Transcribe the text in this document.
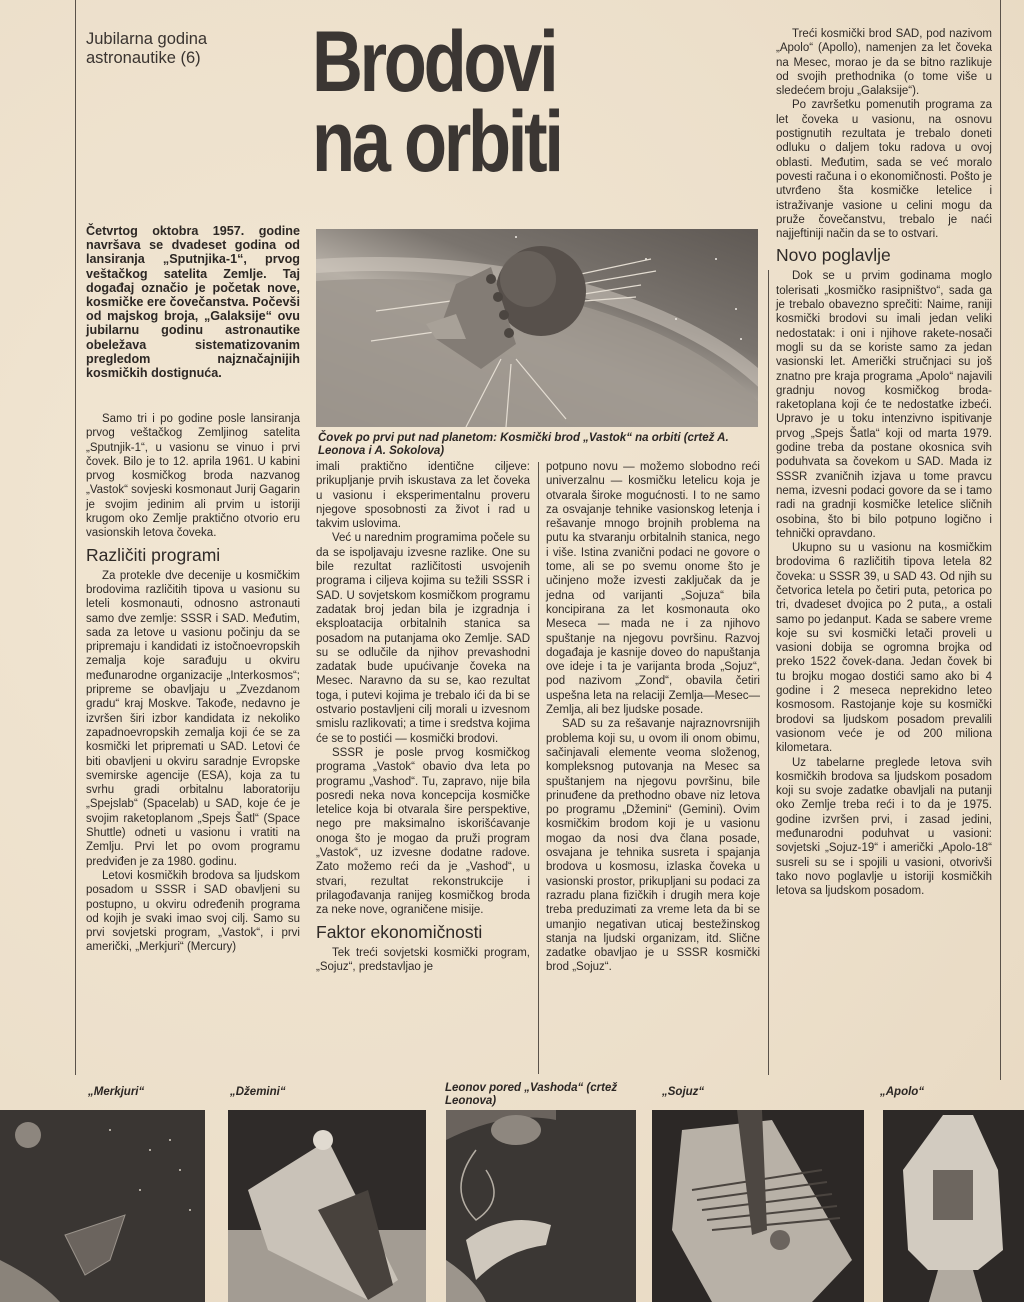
Jubilarna godina
astronautike (6) Brodovi
na orbiti
Četvrtog oktobra 1957. godine navršava se dvadeset godina od lansiranja „Sputnjika-1“, prvog veštačkog satelita Zemlje. Taj događaj označio je početak nove, kosmičke ere čovečanstva. Počevši od majskog broja, „Galaksije“ ovu jubilarnu godinu astronautike obeležava sistematizovanim pregledom najznačajnijih kosmičkih dostignuća.
Čovek po prvi put nad planetom: Kosmički brod „Vastok“ na orbiti (crtež A. Leonova i A. Sokolova)

Samo tri i po godine posle lansiranja prvog veštačkog Zemljinog satelita „Sputnjik-1“, u vasionu se vinuo i prvi čovek. Bilo je to 12. aprila 1961. U kabini prvog kosmičkog broda nazvanog „Vastok“ sovjeski kosmonaut Jurij Gagarin je svojim jedinim ali prvim u istoriji krugom oko Zemlje praktično otvorio eru vasionskih letova čoveka.

Različiti programi

Za protekle dve decenije u kosmičkim brodovima različitih tipova u vasionu su leteli kosmonauti, odnosno astronauti samo dve zemlje: SSSR i SAD. Međutim, sada za letove u vasionu počinju da se pripremaju i kandidati iz istočnoevropskih zemalja koje sarađuju u okviru međunarodne organizacije „Interkosmos“; pripreme se obavljaju u „Zvezdanom gradu“ kraj Moskve. Takođe, nedavno je izvršen širi izbor kandidata iz nekoliko zapadnoevropskih zemalja koji će se za kosmički let pripremati u SAD. Letovi će biti obavljeni u okviru saradnje Evropske svemirske agencije (ESA), koja za tu svrhu gradi orbitalnu laboratoriju „Spejslab“ (Spacelab) u SAD, koje će je svojim raketoplanom „Spejs Šatl“ (Space Shuttle) odneti u vasionu i vratiti na Zemlju. Prvi let po ovom programu predviđen je za 1980. godinu.

Letovi kosmičkih brodova sa ljudskom posadom u SSSR i SAD obavljeni su postupno, u okviru određenih programa od kojih je svaki imao svoj cilj. Samo su prvi sovjetski program, „Vastok“, i prvi američki, „Merkjuri“ (Mercury)

imali praktično identične ciljeve: prikupljanje prvih iskustava za let čoveka u vasionu i eksperimentalnu proveru njegove sposobnosti za život i rad u takvim uslovima.

Već u narednim programima počele su da se ispoljavaju izvesne razlike. One su bile rezultat različitosti usvojenih programa i ciljeva kojima su težili SSSR i SAD. U sovjetskom kosmičkom programu zadatak broj jedan bila je izgradnja i eksploatacija orbitalnih stanica sa posadom na putanjama oko Zemlje. SAD su se odlučile da njihov prevashodni zadatak bude upućivanje čoveka na Mesec. Naravno da su se, kao rezultat toga, i putevi kojima je trebalo ići da bi se ostvario postavljeni cilj morali u izvesnom smislu razlikovati; a time i sredstva kojima će se to postići — kosmički brodovi.

SSSR je posle prvog kosmičkog programa „Vastok“ obavio dva leta po programu „Vashod“. Tu, zapravo, nije bila posredi neka nova koncepcija kosmičke letelice koja bi otvarala šire perspektive, nego pre maksimalno iskorišćavanje onoga što je mogao da pruži program „Vastok“, uz izvesne dodatne radove. Zato možemo reći da je „Vashod“, u stvari, rezultat rekonstrukcije i prilagođavanja ranijeg kosmičkog broda za neke nove, ograničene misije.

Faktor ekonomičnosti

Tek treći sovjetski kosmički program, „Sojuz“, predstavljao je

potpuno novu — možemo slobodno reći univerzalnu — kosmičku letelicu koja je otvarala široke mogućnosti. I to ne samo za osvajanje tehnike vasionskog letenja i rešavanje mnogo brojnih problema na putu ka stvaranju orbitalnih stanica, nego i više. Istina zvanični podaci ne govore o tome, ali se po svemu onome što je učinjeno može izvesti zaključak da je jedna od varijanti „Sojuza“ bila koncipirana za let kosmonauta oko Meseca — mada ne i za njihovo spuštanje na njegovu površinu. Razvoj događaja je kasnije doveo do napuštanja ove ideje i ta je varijanta broda „Sojuz“, pod nazivom „Zond“, obavila četiri uspešna leta na relaciji Zemlja—Mesec—Zemlja, ali bez ljudske posade.

SAD su za rešavanje najraznovrsnijih problema koji su, u ovom ili onom obimu, sačinjavali elemente veoma složenog, kompleksnog putovanja na Mesec sa spuštanjem na njegovu površinu, bile prinuđene da prethodno obave niz letova po programu „Džemini“ (Gemini). Ovim kosmičkim brodom koji je u vasionu mogao da nosi dva člana posade, osvajana je tehnika susreta i spajanja brodova u kosmosu, izlaska čoveka u vasionski prostor, prikupljani su podaci za razradu plana fizičkih i drugih mera koje treba preduzimati za vreme leta da bi se umanjio negativan uticaj bestežinskog stanja na ljudski organizam, itd. Slične zadatke obavljao je u SSSR kosmički brod „Sojuz“.

Treći kosmički brod SAD, pod nazivom „Apolo“ (Apollo), namenjen za let čoveka na Mesec, morao je da se bitno razlikuje od svojih prethodnika (o tome više u sledećem broju „Galaksije“).

Po završetku pomenutih programa za let čoveka u vasionu, na osnovu postignutih rezultata je trebalo doneti odluku o daljem toku radova u ovoj oblasti. Međutim, sada se već moralo povesti računa i o ekonomičnosti. Pošto je utvrđeno šta kosmičke letelice i istraživanje vasione u celini mogu da pruže čovečanstvu, trebalo je naći najjeftiniji način da se to ostvari.

Novo poglavlje

Dok se u prvim godinama moglo tolerisati „kosmičko rasipništvo“, sada ga je trebalo obavezno sprečiti: Naime, raniji kosmički brodovi su imali jedan veliki nedostatak: i oni i njihove rakete-nosači mogli su da se koriste samo za jedan vasionski let. Američki stručnjaci su još znatno pre kraja programa „Apolo“ najavili gradnju novog kosmičkog broda-raketoplana koji će te nedostatke izbeći. Upravo je u toku intenzivno ispitivanje prvog „Spejs Šatla“ koji od marta 1979. godine treba da postane okosnica svih poduhvata sa čovekom u SAD. Mada iz SSSR zvaničnih izjava u tome pravcu nema, izvesni podaci govore da se i tamo radi na gradnji kosmičke letelice sličnih osobina, što bi bilo potpuno logično i tehnički opravdano.

Ukupno su u vasionu na kosmičkim brodovima 6 različitih tipova letela 82 čoveka: u SSSR 39, u SAD 43. Od njih su četvorica letela po četiri puta, petorica po tri, dvadeset dvojica po 2 puta,, a ostali samo po jedanput. Kada se sabere vreme koje su svi kosmički letači proveli u vasioni dobija se ogromna brojka od preko 1522 čovek-dana. Jedan čovek bi tu brojku mogao dostići samo ako bi 4 godine i 2 meseca neprekidno leteo kosmosom. Rastojanje koje su kosmički brodovi sa ljudskom posadom prevalili vasionom veće je od 200 miliona kilometara.

Uz tabelarne preglede letova svih kosmičkih brodova sa ljudskom posadom koji su svoje zadatke obavljali na putanji oko Zemlje treba reći i to da je 1975. godine izvršen prvi, i zasad jedini, međunarodni poduhvat u vasioni: sovjetski „Sojuz-19“ i američki „Apolo-18“ susreli su se i spojili u vasioni, otvorivši tako novo poglavlje u istoriji kosmičkih letova sa ljudskom posadom.

„Merkjuri“	„Džemini“	Leonov pored „Vashoda“ (crtež Leonova)
„Sojuz“	„Apolo“
